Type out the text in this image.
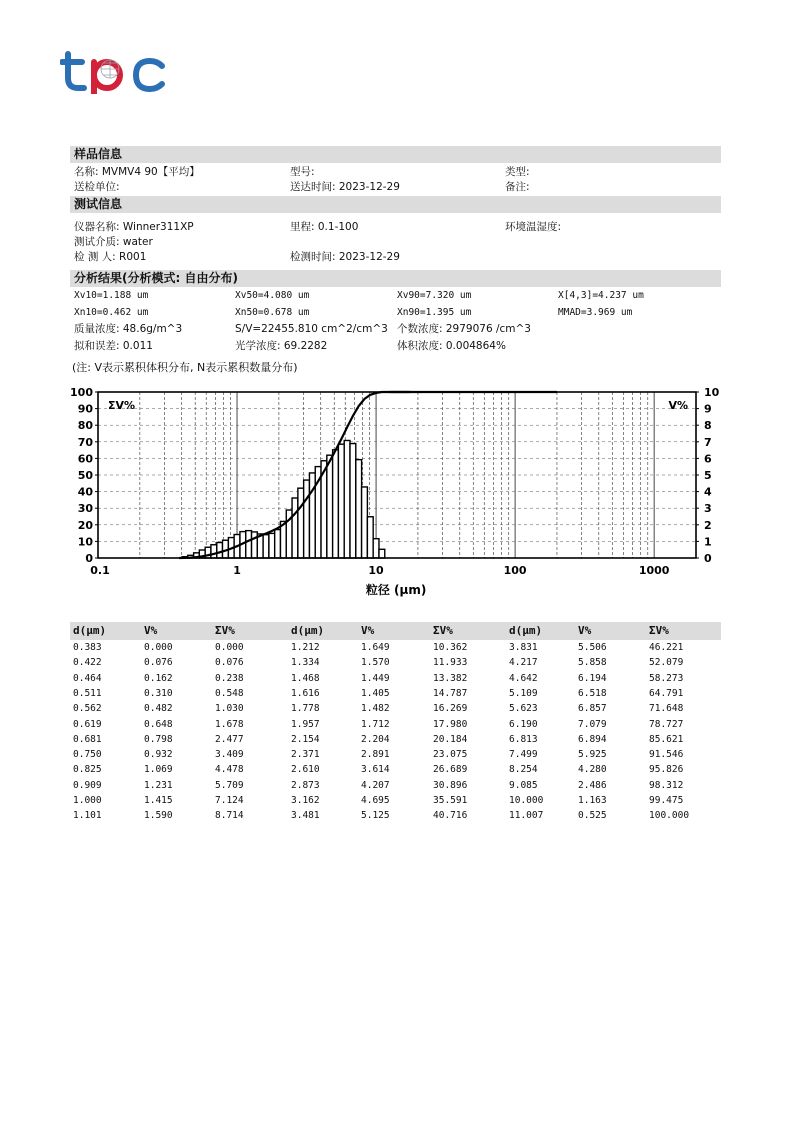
样品信息
名称: MVMV4 90【平均】	型号:	类型:
送检单位:	送达时间: 2023-12-29	备注:
测试信息
仪器名称: Winner311XP	里程: 0.1-100	环境温湿度:
测试介质: water
检 测 人: R001	检测时间: 2023-12-29
分析结果(分析模式: 自由分布)
Xv10=1.188 um	Xv50=4.080 um	Xv90=7.320 um	X[4,3]=4.237 um
Xn10=0.462 um	Xn50=0.678 um	Xn90=1.395 um	MMAD=3.969 um
质量浓度: 48.6g/m^3	S/V=22455.810 cm^2/cm^3 个数浓度: 2979076 /cm^3
拟和误差: 0.011	光学浓度: 69.2282	体积浓度: 0.004864%
(注: V表示累积体积分布, N表示累积数量分布)
0
10
20
30
40
50
60
70
80
90
100
0
1
2
3
4
5
6
7
8
9
10
0.1	1	10	100	1000
ΣV%	V%
粒径 (μm)
d(μm)	V%	ΣV%	d(μm)	V%	ΣV%	d(μm)	V%	ΣV%
0.383	0.000	0.000	1.212	1.649	10.362	3.831	5.506	46.221
0.422	0.076	0.076	1.334	1.570	11.933	4.217	5.858	52.079
0.464	0.162	0.238	1.468	1.449	13.382	4.642	6.194	58.273
0.511	0.310	0.548	1.616	1.405	14.787	5.109	6.518	64.791
0.562	0.482	1.030	1.778	1.482	16.269	5.623	6.857	71.648
0.619	0.648	1.678	1.957	1.712	17.980	6.190	7.079	78.727
0.681	0.798	2.477	2.154	2.204	20.184	6.813	6.894	85.621
0.750	0.932	3.409	2.371	2.891	23.075	7.499	5.925	91.546
0.825	1.069	4.478	2.610	3.614	26.689	8.254	4.280	95.826
0.909	1.231	5.709	2.873	4.207	30.896	9.085	2.486	98.312
1.000	1.415	7.124	3.162	4.695	35.591	10.000	1.163	99.475
1.101	1.590	8.714	3.481	5.125	40.716	11.007	0.525	100.000
